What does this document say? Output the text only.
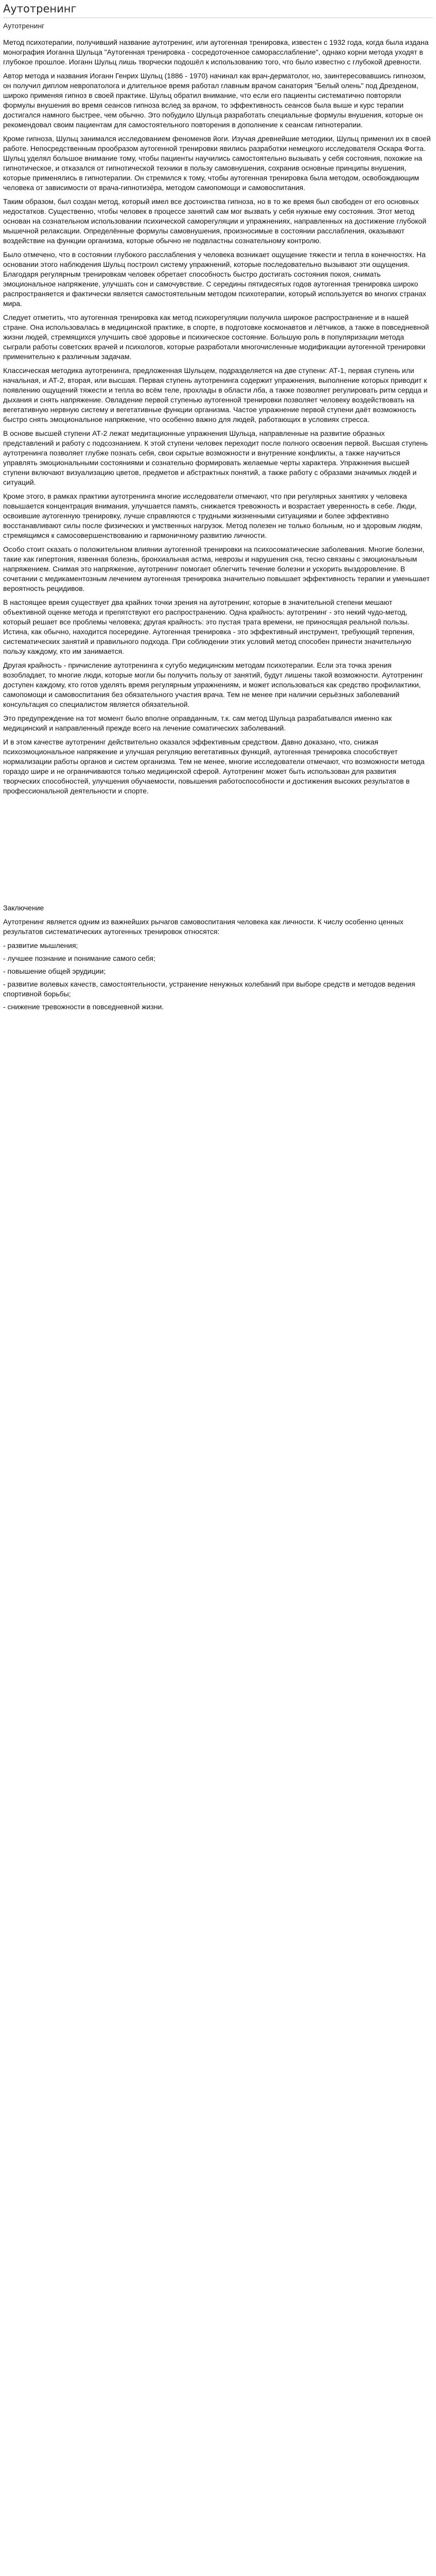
Аутотренинг
Аутотренинг

Метод психотерапии, получивший название аутотренинг, или аутогенная тренировка, известен с 1932 года, когда была издана монография Иоганна Шульца "Аутогенная тренировка - сосредоточенное самораcслабление", однако корни метода уходят в глубокое прошлое. Иоганн Шульц лишь творчески подошёл к использованию того, что было известно с глубокой древности.

Автор метода и названия Иоганн Генрих Шульц (1886 - 1970) начинал как врач-дерматолог, но, заинтересовавшись гипнозом, он получил диплом невропатолога и длительное время работал главным врачом санатория "Белый олень" под Дрезденом, широко применяя гипноз в своей практике. Шульц обратил внимание, что если его пациенты систематично повторяли формулы внушения во время сеансов гипноза вслед за врачом, то эффективность сеансов была выше и курс терапии достигался намного быстрее, чем обычно. Это побудило Шульца разработать специальные формулы внушения, которые он рекомендовал своим пациентам для самостоятельного повторения в дополнение к сеансам гипнотерапии.

Кроме гипноза, Шульц занимался исследованием феноменов йоги. Изучая древнейшие методики, Шульц применил их в своей работе. Непосредственным прообразом аутогенной тренировки явились разработки немецкого исследователя Оскара Фогта. Шульц уделял большое внимание тому, чтобы пациенты научились самостоятельно вызывать у себя состояния, похожие на гипнотическое, и отказался от гипнотической техники в пользу самовнушения, сохранив основные принципы внушения, которые применялись в гипнотерапии. Он стремился к тому, чтобы аутогенная тренировка была методом, освобождающим человека от зависимости от врача-гипнотизёра, методом самопомощи и самовоспитания.

Таким образом, был создан метод, который имел все достоинства гипноза, но в то же время был свободен от его основных недостатков. Существенно, чтобы человек в процессе занятий сам мог вызвать у себя нужные ему состояния. Этот метод основан на сознательном использовании психической саморегуляции и упражнениях, направленных на достижение глубокой мышечной релаксации. Определённые формулы самовнушения, произносимые в состоянии расслабления, оказывают воздействие на функции организма, которые обычно не подвластны сознательному контролю.

Было отмечено, что в состоянии глубокого расслабления у человека возникает ощущение тяжести и тепла в конечностях. На основании этого наблюдения Шульц построил систему упражнений, которые последовательно вызывают эти ощущения. Благодаря регулярным тренировкам человек обретает способность быстро достигать состояния покоя, снимать эмоциональное напряжение, улучшать сон и самочувствие. С середины пятидесятых годов аутогенная тренировка широко распространяется и фактически является самостоятельным методом психотерапии, который используется во многих странах мира.

Следует отметить, что аутогенная тренировка как метод психорегуляции получила широкое распространение и в нашей стране. Она использовалась в медицинской практике, в спорте, в подготовке космонавтов и лётчиков, а также в повседневной жизни людей, стремящихся улучшить своё здоровье и психическое состояние. Большую роль в популяризации метода сыграли работы советских врачей и психологов, которые разработали многочисленные модификации аутогенной тренировки применительно к различным задачам.

Классическая методика аутотренинга, предложенная Шульцем, подразделяется на две ступени: АТ-1, первая ступень или начальная, и АТ-2, вторая, или высшая. Первая ступень аутотренинга содержит упражнения, выполнение которых приводит к появлению ощущений тяжести и тепла во всём теле, прохлады в области лба, а также позволяет регулировать ритм сердца и дыхания и снять напряжение. Овладение первой ступенью аутогенной тренировки позволяет человеку воздействовать на вегетативную нервную систему и вегетативные функции организма. Частое упражнение первой ступени даёт возможность быстро снять эмоциональное напряжение, что особенно важно для людей, работающих в условиях стресса.

В основе высшей ступени АТ-2 лежат медитационные упражнения Шульца, направленные на развитие образных представлений и работу с подсознанием. К этой ступени человек переходит после полного освоения первой. Высшая ступень аутотренинга позволяет глубже познать себя, свои скрытые возможности и внутренние конфликты, а также научиться управлять эмоциональными состояниями и сознательно формировать желаемые черты характера. Упражнения высшей ступени включают визуализацию цветов, предметов и абстрактных понятий, а также работу с образами значимых людей и ситуаций.

Кроме этого, в рамках практики аутотренинга многие исследователи отмечают, что при регулярных занятиях у человека повышается концентрация внимания, улучшается память, снижается тревожность и возрастает уверенность в себе. Люди, освоившие аутогенную тренировку, лучше справляются с трудными жизненными ситуациями и более эффективно восстанавливают силы после физических и умственных нагрузок. Метод полезен не только больным, но и здоровым людям, стремящимся к самосовершенствованию и гармоничному развитию личности.

Особо стоит сказать о положительном влиянии аутогенной тренировки на психосоматические заболевания. Многие болезни, такие как гипертония, язвенная болезнь, бронхиальная астма, неврозы и нарушения сна, тесно связаны с эмоциональным напряжением. Снимая это напряжение, аутотренинг помогает облегчить течение болезни и ускорить выздоровление. В сочетании с медикаментозным лечением аутогенная тренировка значительно повышает эффективность терапии и уменьшает вероятность рецидивов.

В настоящее время существует два крайних точки зрения на аутотренинг, которые в значительной степени мешают объективной оценке метода и препятствуют его распространению. Одна крайность: аутотренинг - это некий чудо-метод, который решает все проблемы человека; другая крайность: это пустая трата времени, не приносящая реальной пользы. Истина, как обычно, находится посередине. Аутогенная тренировка - это эффективный инструмент, требующий терпения, систематических занятий и правильного подхода. При соблюдении этих условий метод способен принести значительную пользу каждому, кто им занимается.

Другая крайность - причисление аутотренинга к сугубо медицинским методам психотерапии. Если эта точка зрения возобладает, то многие люди, которые могли бы получить пользу от занятий, будут лишены такой возможности. Аутотренинг доступен каждому, кто готов уделять время регулярным упражнениям, и может использоваться как средство профилактики, самопомощи и самовоспитания без обязательного участия врача. Тем не менее при наличии серьёзных заболеваний консультация со специалистом является обязательной.

Это предупреждение на тот момент было вполне оправданным, т.к. сам метод Шульца разрабатывался именно как медицинский и направленный прежде всего на лечение соматических заболеваний.

И в этом качестве аутотренинг действительно оказался эффективным средством. Давно доказано, что, снижая психоэмоциональное напряжение и улучшая регуляцию вегетативных функций, аутогенная тренировка способствует нормализации работы органов и систем организма. Тем не менее, многие исследователи отмечают, что возможности метода гораздо шире и не ограничиваются только медицинской сферой. Аутотренинг может быть использован для развития творческих способностей, улучшения обучаемости, повышения работоспособности и достижения высоких результатов в профессиональной деятельности и спорте.

Заключение

Аутотренинг является одним из важнейших рычагов самовоспитания человека как личности. К числу особенно ценных результатов систематических аутогенных тренировок относятся:

- развитие мышления;
- лучшее познание и понимание самого себя;
- повышение общей эрудиции;
- развитие волевых качеств, самостоятельности, устранение ненужных колебаний при выборе средств и методов ведения спортивной борьбы;
- снижение тревожности в повседневной жизни.
